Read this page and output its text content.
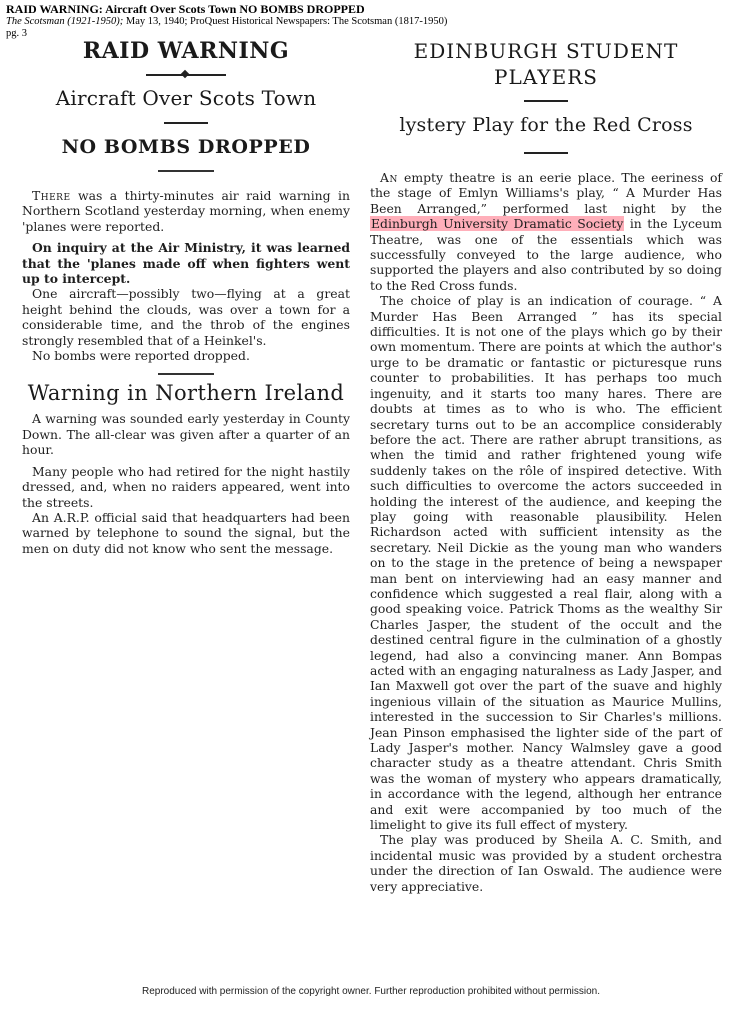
RAID WARNING: Aircraft Over Scots Town NO BOMBS DROPPED
The Scotsman (1921-1950); May 13, 1940; ProQuest Historical Newspapers: The Scotsman (1817-1950)
pg. 3
RAID WARNING
Aircraft Over Scots Town
NO BOMBS DROPPED

There was a thirty-minutes air raid warning in Northern Scotland yesterday morning, when enemy 'planes were reported.

On inquiry at the Air Ministry, it was learned that the 'planes made off when fighters went up to intercept.

One aircraft—possibly two—flying at a great height behind the clouds, was over a town for a considerable time, and the throb of the engines strongly resembled that of a Heinkel's.

No bombs were reported dropped.

Warning in Northern Ireland

A warning was sounded early yesterday in County Down. The all-clear was given after a quarter of an hour.

Many people who had retired for the night hastily dressed, and, when no raiders appeared, went into the streets.

An A.R.P. official said that headquarters had been warned by telephone to sound the signal, but the men on duty did not know who sent the message.

EDINBURGH STUDENT PLAYERS
lystery Play for the Red Cross

An empty theatre is an eerie place. The eeriness of the stage of Emlyn Williams's play, “ A Murder Has Been Arranged,” performed last night by the Edinburgh University Dramatic Society in the Lyceum Theatre, was one of the essentials which was successfully conveyed to the large audience, who supported the players and also contributed by so doing to the Red Cross funds.

The choice of play is an indication of courage. “ A Murder Has Been Arranged ” has its special difficulties. It is not one of the plays which go by their own momentum. There are points at which the author's urge to be dramatic or fantastic or picturesque runs counter to probabilities. It has perhaps too much ingenuity, and it starts too many hares. There are doubts at times as to who is who. The efficient secretary turns out to be an accomplice considerably before the act. There are rather abrupt transitions, as when the timid and rather frightened young wife suddenly takes on the rôle of inspired detective. With such difficulties to overcome the actors succeeded in holding the interest of the audience, and keeping the play going with reasonable plausibility. Helen Richardson acted with sufficient intensity as the secretary. Neil Dickie as the young man who wanders on to the stage in the pretence of being a newspaper man bent on interviewing had an easy manner and confidence which suggested a real flair, along with a good speaking voice. Patrick Thoms as the wealthy Sir Charles Jasper, the student of the occult and the destined central figure in the culmination of a ghostly legend, had also a convincing maner. Ann Bompas acted with an engaging naturalness as Lady Jasper, and Ian Maxwell got over the part of the suave and highly ingenious villain of the situation as Maurice Mullins, interested in the succession to Sir Charles's millions. Jean Pinson emphasised the lighter side of the part of Lady Jasper's mother. Nancy Walmsley gave a good character study as a theatre attendant. Chris Smith was the woman of mystery who appears dramatically, in accordance with the legend, although her entrance and exit were accompanied by too much of the limelight to give its full effect of mystery.

The play was produced by Sheila A. C. Smith, and incidental music was provided by a student orchestra under the direction of Ian Oswald. The audience were very appreciative.

Reproduced with permission of the copyright owner. Further reproduction prohibited without permission.
